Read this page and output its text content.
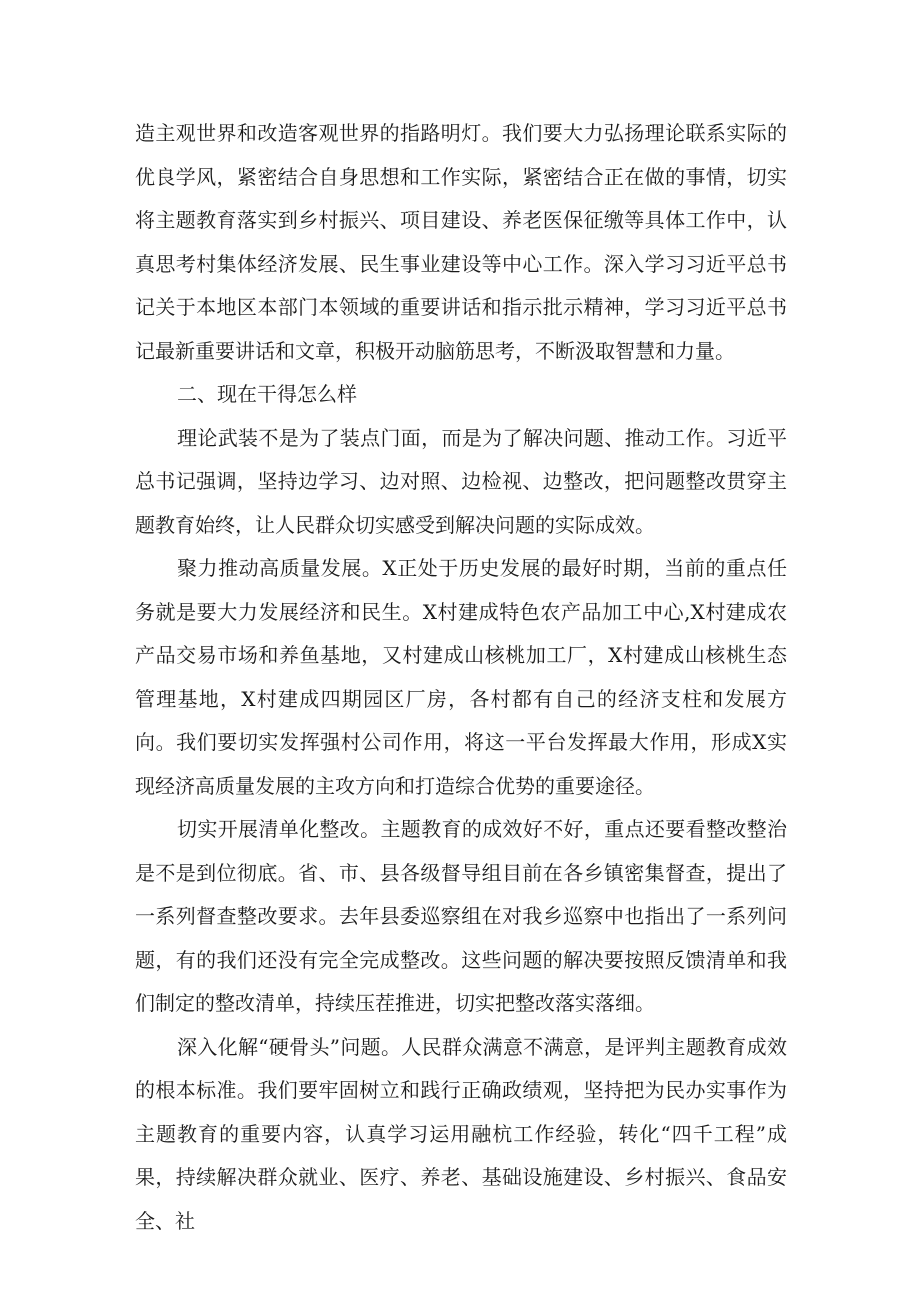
造主观世界和改造客观世界的指路明灯。我们要大力弘扬理论联系实际的优良学风，紧密结合自身思想和工作实际，紧密结合正在做的事情，切实将主题教育落实到乡村振兴、项目建设、养老医保征缴等具体工作中，认真思考村集体经济发展、民生事业建设等中心工作。深入学习习近平总书记关于本地区本部门本领域的重要讲话和指示批示精神，学习习近平总书记最新重要讲话和文章，积极开动脑筋思考，不断汲取智慧和力量。

二、现在干得怎么样

理论武装不是为了装点门面，而是为了解决问题、推动工作。习近平总书记强调，坚持边学习、边对照、边检视、边整改，把问题整改贯穿主题教育始终，让人民群众切实感受到解决问题的实际成效。

聚力推动高质量发展。X正处于历史发展的最好时期，当前的重点任务就是要大力发展经济和民生。X村建成特色农产品加工中心,X村建成农产品交易市场和养鱼基地，又村建成山核桃加工厂，X村建成山核桃生态管理基地，X村建成四期园区厂房，各村都有自己的经济支柱和发展方向。我们要切实发挥强村公司作用，将这一平台发挥最大作用，形成X实现经济高质量发展的主攻方向和打造综合优势的重要途径。

切实开展清单化整改。主题教育的成效好不好，重点还要看整改整治是不是到位彻底。省、市、县各级督导组目前在各乡镇密集督查，提出了一系列督查整改要求。去年县委巡察组在对我乡巡察中也指出了一系列问题，有的我们还没有完全完成整改。这些问题的解决要按照反馈清单和我们制定的整改清单，持续压茬推进，切实把整改落实落细。

深入化解“硬骨头”问题。人民群众满意不满意，是评判主题教育成效的根本标准。我们要牢固树立和践行正确政绩观，坚持把为民办实事作为主题教育的重要内容，认真学习运用融杭工作经验，转化“四千工程”成果，持续解决群众就业、医疗、养老、基础设施建设、乡村振兴、食品安全、社
